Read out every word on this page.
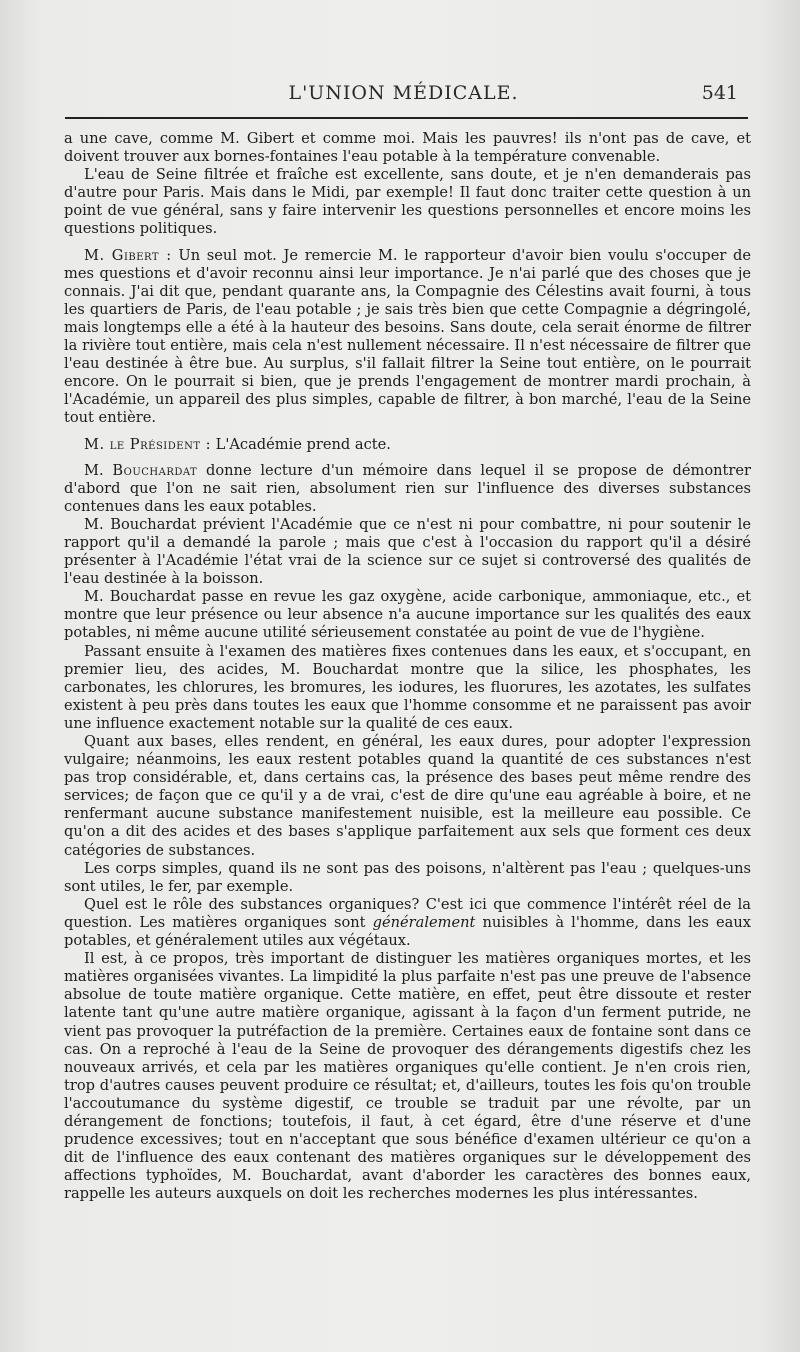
L'UNION MÉDICALE.	541

a une cave, comme M. Gibert et comme moi. Mais les pauvres! ils n'ont pas de cave, et doivent trouver aux bornes-fontaines l'eau potable à la température convenable.

L'eau de Seine filtrée et fraîche est excellente, sans doute, et je n'en demanderais pas d'autre pour Paris. Mais dans le Midi, par exemple! Il faut donc traiter cette question à un point de vue général, sans y faire intervenir les questions personnelles et encore moins les questions politiques.

M. Gibert : Un seul mot. Je remercie M. le rapporteur d'avoir bien voulu s'occuper de mes questions et d'avoir reconnu ainsi leur importance. Je n'ai parlé que des choses que je connais. J'ai dit que, pendant quarante ans, la Compagnie des Célestins avait fourni, à tous les quartiers de Paris, de l'eau potable ; je sais très bien que cette Compagnie a dégringolé, mais longtemps elle a été à la hauteur des besoins. Sans doute, cela serait énorme de filtrer la rivière tout entière, mais cela n'est nullement nécessaire. Il n'est nécessaire de filtrer que l'eau destinée à être bue. Au surplus, s'il fallait filtrer la Seine tout entière, on le pourrait encore. On le pourrait si bien, que je prends l'engagement de montrer mardi prochain, à l'Académie, un appareil des plus simples, capable de filtrer, à bon marché, l'eau de la Seine tout entière.

M. le Président : L'Académie prend acte.

M. Bouchardat donne lecture d'un mémoire dans lequel il se propose de démontrer d'abord que l'on ne sait rien, absolument rien sur l'influence des diverses substances contenues dans les eaux potables.

M. Bouchardat prévient l'Académie que ce n'est ni pour combattre, ni pour soutenir le rapport qu'il a demandé la parole ; mais que c'est à l'occasion du rapport qu'il a désiré présenter à l'Académie l'état vrai de la science sur ce sujet si controversé des qualités de l'eau destinée à la boisson.

M. Bouchardat passe en revue les gaz oxygène, acide carbonique, ammoniaque, etc., et montre que leur présence ou leur absence n'a aucune importance sur les qualités des eaux potables, ni même aucune utilité sérieusement constatée au point de vue de l'hygiène.

Passant ensuite à l'examen des matières fixes contenues dans les eaux, et s'occupant, en premier lieu, des acides, M. Bouchardat montre que la silice, les phosphates, les carbonates, les chlorures, les bromures, les iodures, les fluorures, les azotates, les sulfates existent à peu près dans toutes les eaux que l'homme consomme et ne paraissent pas avoir une influence exactement notable sur la qualité de ces eaux.

Quant aux bases, elles rendent, en général, les eaux dures, pour adopter l'expression vulgaire; néanmoins, les eaux restent potables quand la quantité de ces substances n'est pas trop considérable, et, dans certains cas, la présence des bases peut même rendre des services; de façon que ce qu'il y a de vrai, c'est de dire qu'une eau agréable à boire, et ne renfermant aucune substance manifestement nuisible, est la meilleure eau possible. Ce qu'on a dit des acides et des bases s'applique parfaitement aux sels que forment ces deux catégories de substances.

Les corps simples, quand ils ne sont pas des poisons, n'altèrent pas l'eau ; quelques-uns sont utiles, le fer, par exemple.

Quel est le rôle des substances organiques? C'est ici que commence l'intérêt réel de la question. Les matières organiques sont généralement nuisibles à l'homme, dans les eaux potables, et généralement utiles aux végétaux.

Il est, à ce propos, très important de distinguer les matières organiques mortes, et les matières organisées vivantes. La limpidité la plus parfaite n'est pas une preuve de l'absence absolue de toute matière organique. Cette matière, en effet, peut être dissoute et rester latente tant qu'une autre matière organique, agissant à la façon d'un ferment putride, ne vient pas provoquer la putréfaction de la première. Certaines eaux de fontaine sont dans ce cas. On a reproché à l'eau de la Seine de provoquer des dérangements digestifs chez les nouveaux arrivés, et cela par les matières organiques qu'elle contient. Je n'en crois rien, trop d'autres causes peuvent produire ce résultat; et, d'ailleurs, toutes les fois qu'on trouble l'accoutumance du système digestif, ce trouble se traduit par une révolte, par un dérangement de fonctions; toutefois, il faut, à cet égard, être d'une réserve et d'une prudence excessives; tout en n'acceptant que sous bénéfice d'examen ultérieur ce qu'on a dit de l'influence des eaux contenant des matières organiques sur le développement des affections typhoïdes, M. Bouchardat, avant d'aborder les caractères des bonnes eaux, rappelle les auteurs auxquels on doit les recherches modernes les plus intéressantes.
